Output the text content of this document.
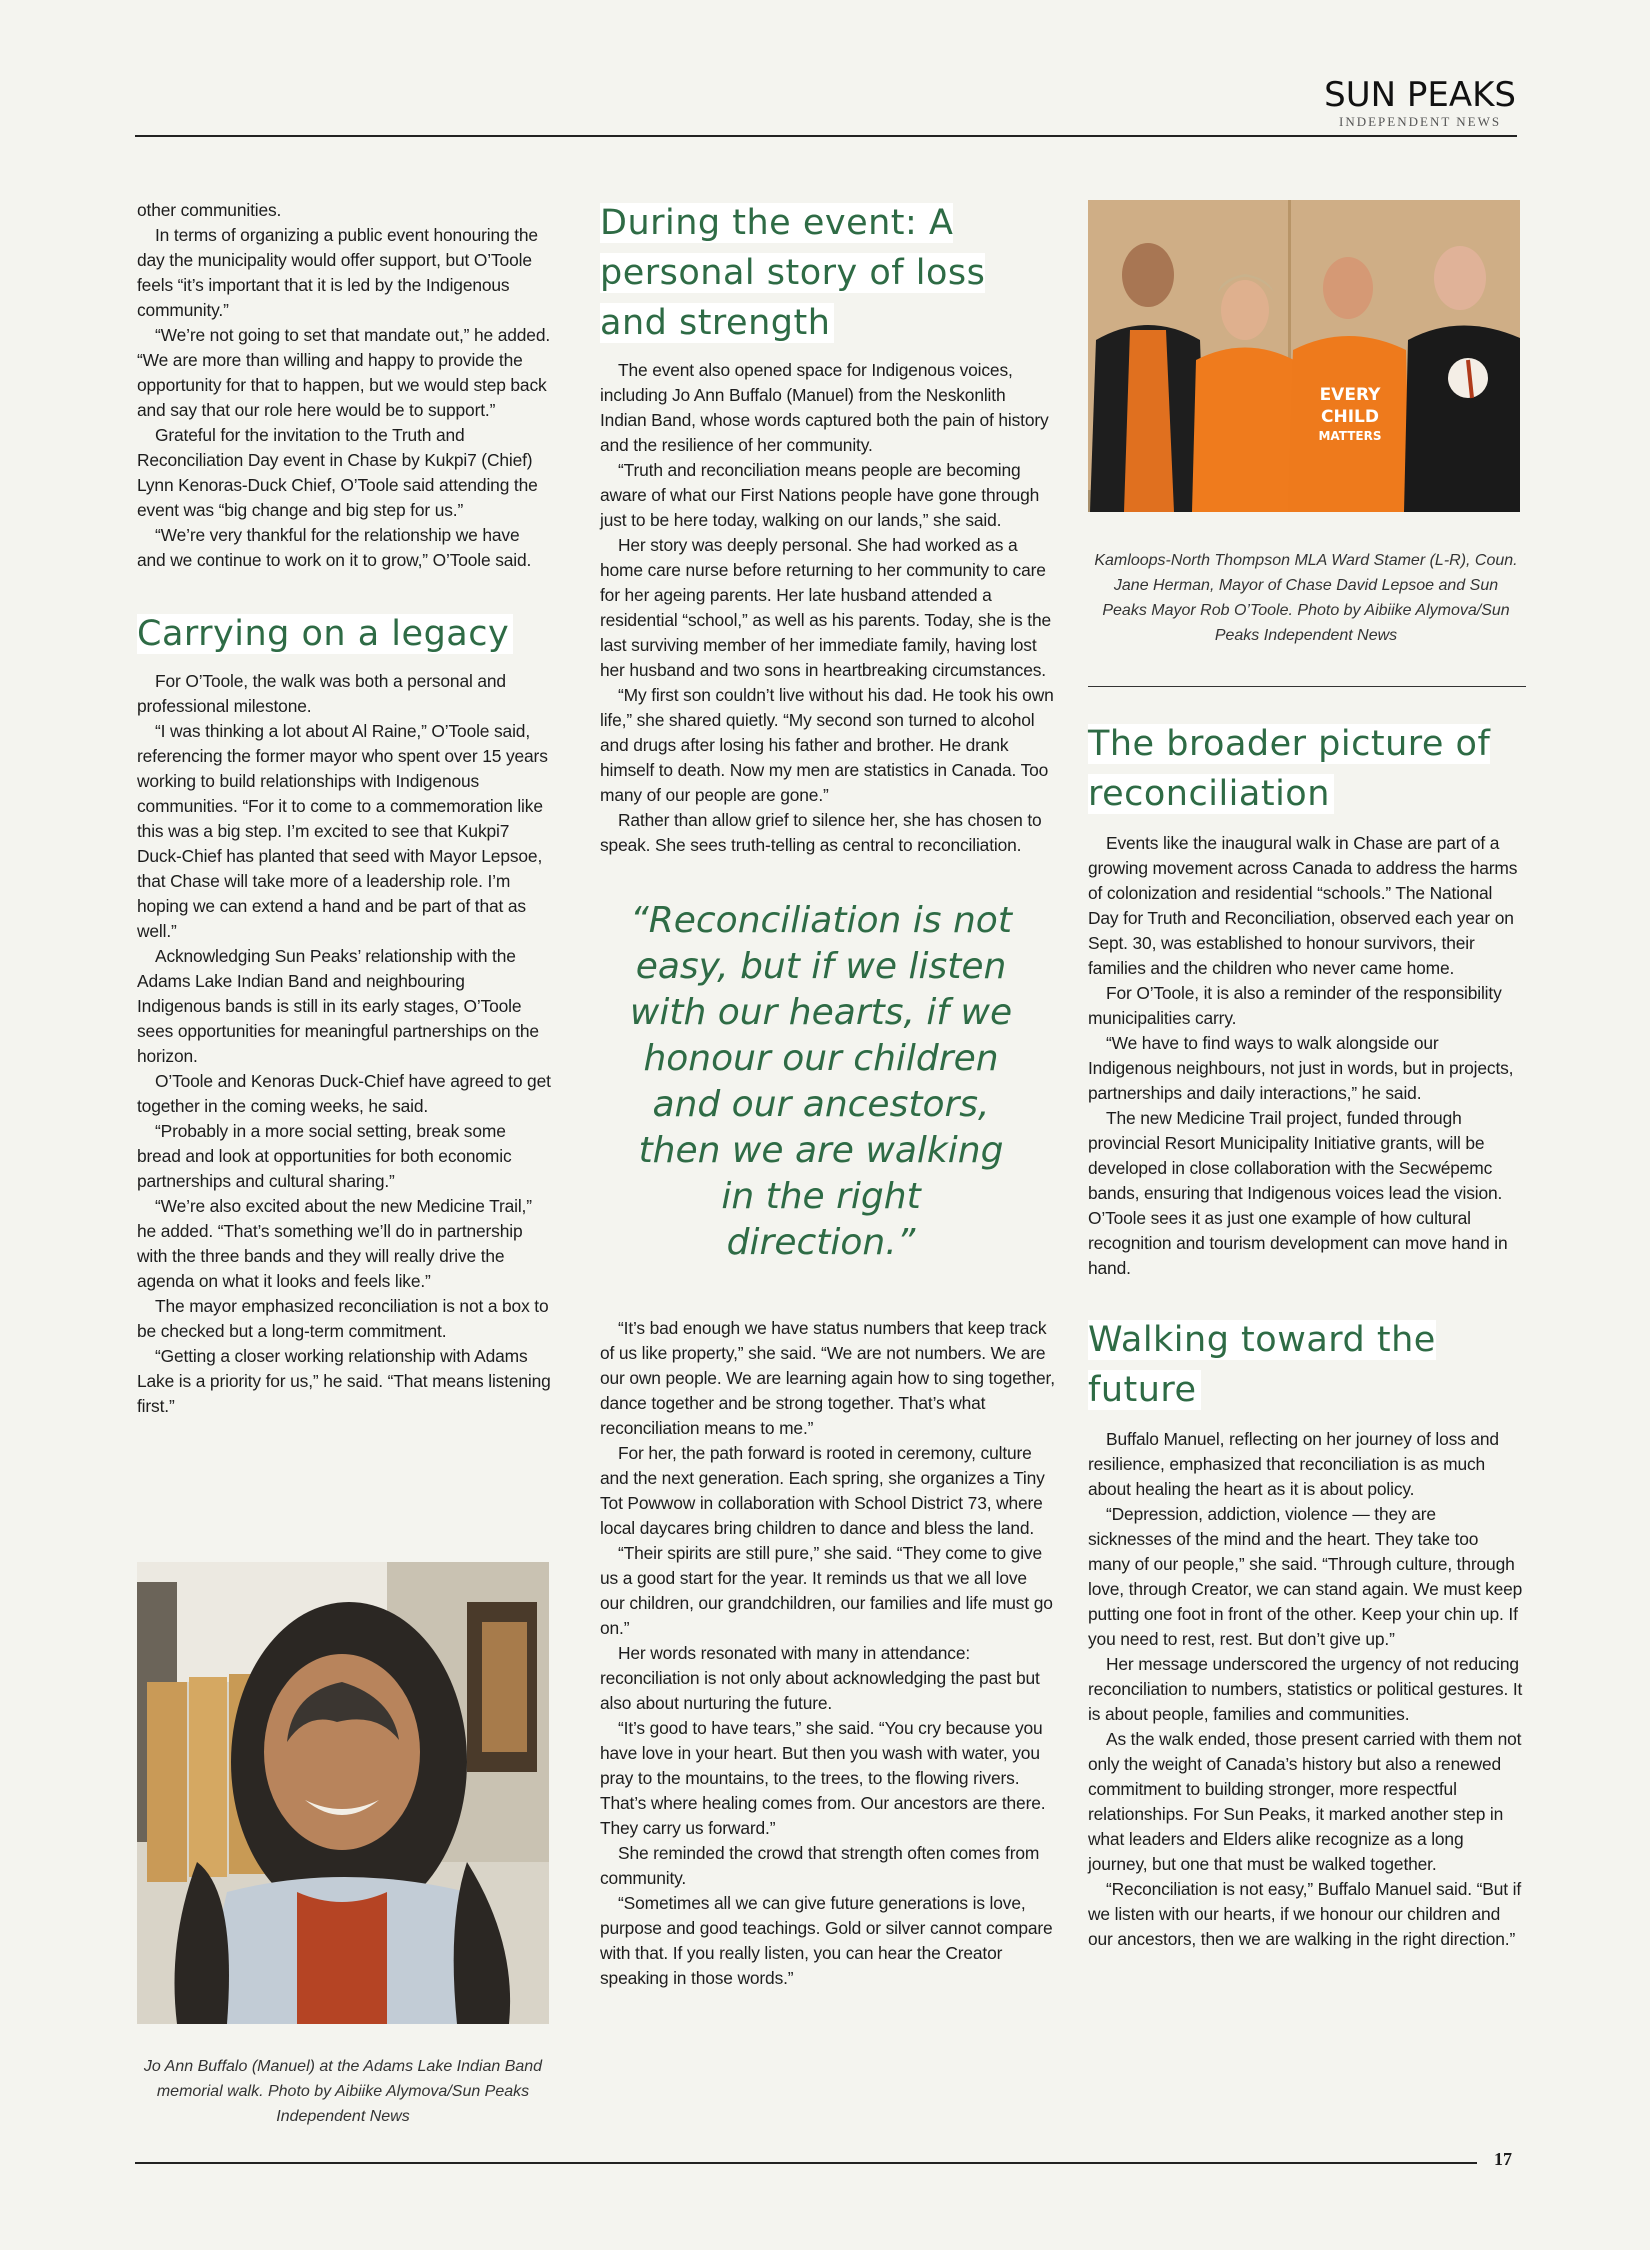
SUN PEAKS
INDEPENDENT NEWS

other communities.

In terms of organizing a public event honouring the day the municipality would offer support, but O’Toole feels “it’s important that it is led by the Indigenous community.”

“We’re not going to set that mandate out,” he added. “We are more than willing and happy to provide the opportunity for that to happen, but we would step back and say that our role here would be to support.”

Grateful for the invitation to the Truth and Reconciliation Day event in Chase by Kukpi7 (Chief) Lynn Kenoras-Duck Chief, O’Toole said attending the event was “big change and big step for us.”

“We’re very thankful for the relationship we have and we continue to work on it to grow,” O’Toole said.

Carrying on a legacy

For O’Toole, the walk was both a personal and professional milestone.

“I was thinking a lot about Al Raine,” O’Toole said, referencing the former mayor who spent over 15 years working to build relationships with Indigenous communities. “For it to come to a commemoration like this was a big step. I’m excited to see that Kukpi7 Duck-Chief has planted that seed with Mayor Lepsoe, that Chase will take more of a leadership role. I’m hoping we can extend a hand and be part of that as well.”

Acknowledging Sun Peaks’ relationship with the Adams Lake Indian Band and neighbouring Indigenous bands is still in its early stages, O’Toole sees opportunities for meaningful partnerships on the horizon.

O’Toole and Kenoras Duck-Chief have agreed to get together in the coming weeks, he said.

“Probably in a more social setting, break some bread and look at opportunities for both economic partnerships and cultural sharing.”

“We’re also excited about the new Medicine Trail,” he added. “That’s something we’ll do in partnership with the three bands and they will really drive the agenda on what it looks and feels like.”

The mayor emphasized reconciliation is not a box to be checked but a long-term commitment.

“Getting a closer working relationship with Adams Lake is a priority for us,” he said. “That means listening first.”

Jo Ann Buffalo (Manuel) at the Adams Lake Indian Band memorial walk. Photo by Aibiike Alymova/Sun Peaks Independent News
During the event: A personal story of loss and strength

The event also opened space for Indigenous voices, including Jo Ann Buffalo (Manuel) from the Neskonlith Indian Band, whose words captured both the pain of history and the resilience of her community.

“Truth and reconciliation means people are becoming aware of what our First Nations people have gone through just to be here today, walking on our lands,” she said.

Her story was deeply personal. She had worked as a home care nurse before returning to her community to care for her ageing parents. Her late husband attended a residential “school,” as well as his parents. Today, she is the last surviving member of her immediate family, having lost her husband and two sons in heartbreaking circumstances.

“My first son couldn’t live without his dad. He took his own life,” she shared quietly. “My second son turned to alcohol and drugs after losing his father and brother. He drank himself to death. Now my men are statistics in Canada. Too many of our people are gone.”

Rather than allow grief to silence her, she has chosen to speak. She sees truth-telling as central to reconciliation.

“Reconciliation is not easy, but if we listen with our hearts, if we honour our children and our ancestors, then we are walking in the right direction.”

“It’s bad enough we have status numbers that keep track of us like property,” she said. “We are not numbers. We are our own people. We are learning again how to sing together, dance together and be strong together. That’s what reconciliation means to me.”

For her, the path forward is rooted in ceremony, culture and the next generation. Each spring, she organizes a Tiny Tot Powwow in collaboration with School District 73, where local daycares bring children to dance and bless the land.

“Their spirits are still pure,” she said. “They come to give us a good start for the year. It reminds us that we all love our children, our grandchildren, our families and life must go on.”

Her words resonated with many in attendance: reconciliation is not only about acknowledging the past but also about nurturing the future.

“It’s good to have tears,” she said. “You cry because you have love in your heart. But then you wash with water, you pray to the mountains, to the trees, to the flowing rivers. That’s where healing comes from. Our ancestors are there. They carry us forward.”

She reminded the crowd that strength often comes from community.

“Sometimes all we can give future generations is love, purpose and good teachings. Gold or silver cannot compare with that. If you really listen, you can hear the Creator speaking in those words.”

EVERY
CHILD
MATTERS
Kamloops-North Thompson MLA Ward Stamer (L-R), Coun. Jane Herman, Mayor of Chase David Lepsoe and Sun Peaks Mayor Rob O’Toole. Photo by Aibiike Alymova/Sun Peaks Independent News
The broader picture of reconciliation

Events like the inaugural walk in Chase are part of a growing movement across Canada to address the harms of colonization and residential “schools.” The National Day for Truth and Reconciliation, observed each year on Sept. 30, was established to honour survivors, their families and the children who never came home.

For O’Toole, it is also a reminder of the responsibility municipalities carry.

“We have to find ways to walk alongside our Indigenous neighbours, not just in words, but in projects, partnerships and daily interactions,” he said.

The new Medicine Trail project, funded through provincial Resort Municipality Initiative grants, will be developed in close collaboration with the Secwépemc bands, ensuring that Indigenous voices lead the vision. O’Toole sees it as just one example of how cultural recognition and tourism development can move hand in hand.

Walking toward the future

Buffalo Manuel, reflecting on her journey of loss and resilience, emphasized that reconciliation is as much about healing the heart as it is about policy.

“Depression, addiction, violence — they are sicknesses of the mind and the heart. They take too many of our people,” she said. “Through culture, through love, through Creator, we can stand again. We must keep putting one foot in front of the other. Keep your chin up. If you need to rest, rest. But don’t give up.”

Her message underscored the urgency of not reducing reconciliation to numbers, statistics or political gestures. It is about people, families and communities.

As the walk ended, those present carried with them not only the weight of Canada’s history but also a renewed commitment to building stronger, more respectful relationships. For Sun Peaks, it marked another step in what leaders and Elders alike recognize as a long journey, but one that must be walked together.

“Reconciliation is not easy,” Buffalo Manuel said. “But if we listen with our hearts, if we honour our children and our ancestors, then we are walking in the right direction.”

17
